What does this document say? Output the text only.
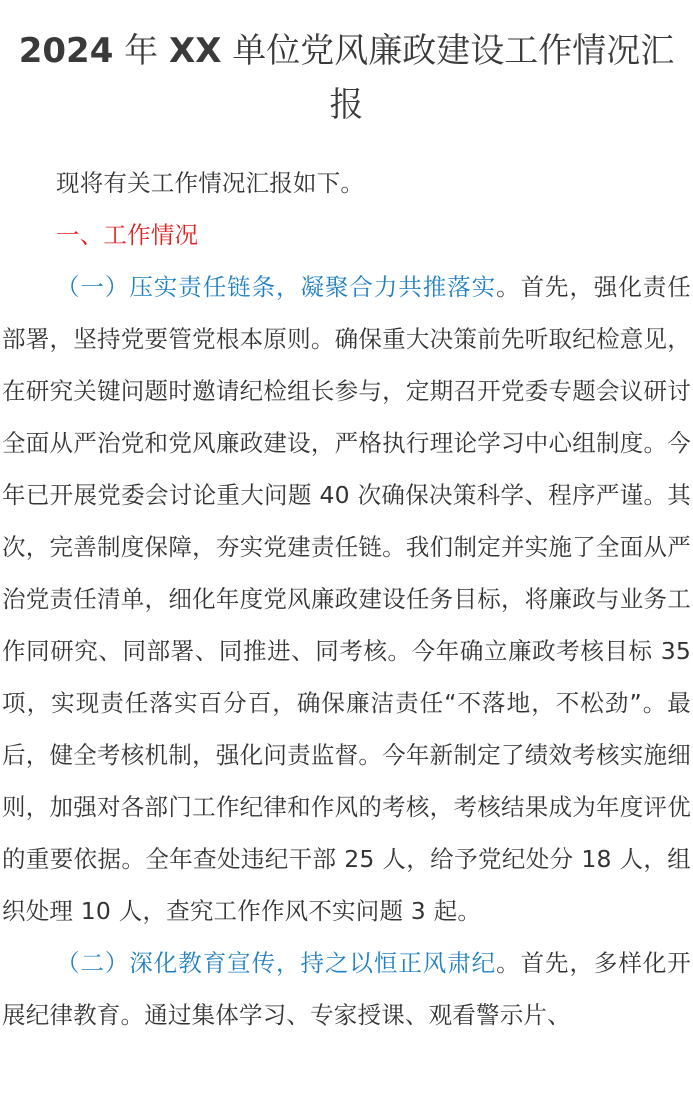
2024 年 XX 单位党风廉政建设工作情况汇报

现将有关工作情况汇报如下。

一、工作情况

（一）压实责任链条，凝聚合力共推落实。首先，强化责任部署，坚持党要管党根本原则。确保重大决策前先听取纪检意见，在研究关键问题时邀请纪检组长参与，定期召开党委专题会议研讨全面从严治党和党风廉政建设，严格执行理论学习中心组制度。今年已开展党委会讨论重大问题 40 次确保决策科学、程序严谨。其次，完善制度保障，夯实党建责任链。我们制定并实施了全面从严治党责任清单，细化年度党风廉政建设任务目标，将廉政与业务工作同研究、同部署、同推进、同考核。今年确立廉政考核目标 35 项，实现责任落实百分百，确保廉洁责任“不落地，不松劲”。最后，健全考核机制，强化问责监督。今年新制定了绩效考核实施细则，加强对各部门工作纪律和作风的考核，考核结果成为年度评优的重要依据。全年查处违纪干部 25 人，给予党纪处分 18 人，组织处理 10 人，查究工作作风不实问题 3 起。

（二）深化教育宣传，持之以恒正风肃纪。首先，多样化开展纪律教育。通过集体学习、专家授课、观看警示片、
